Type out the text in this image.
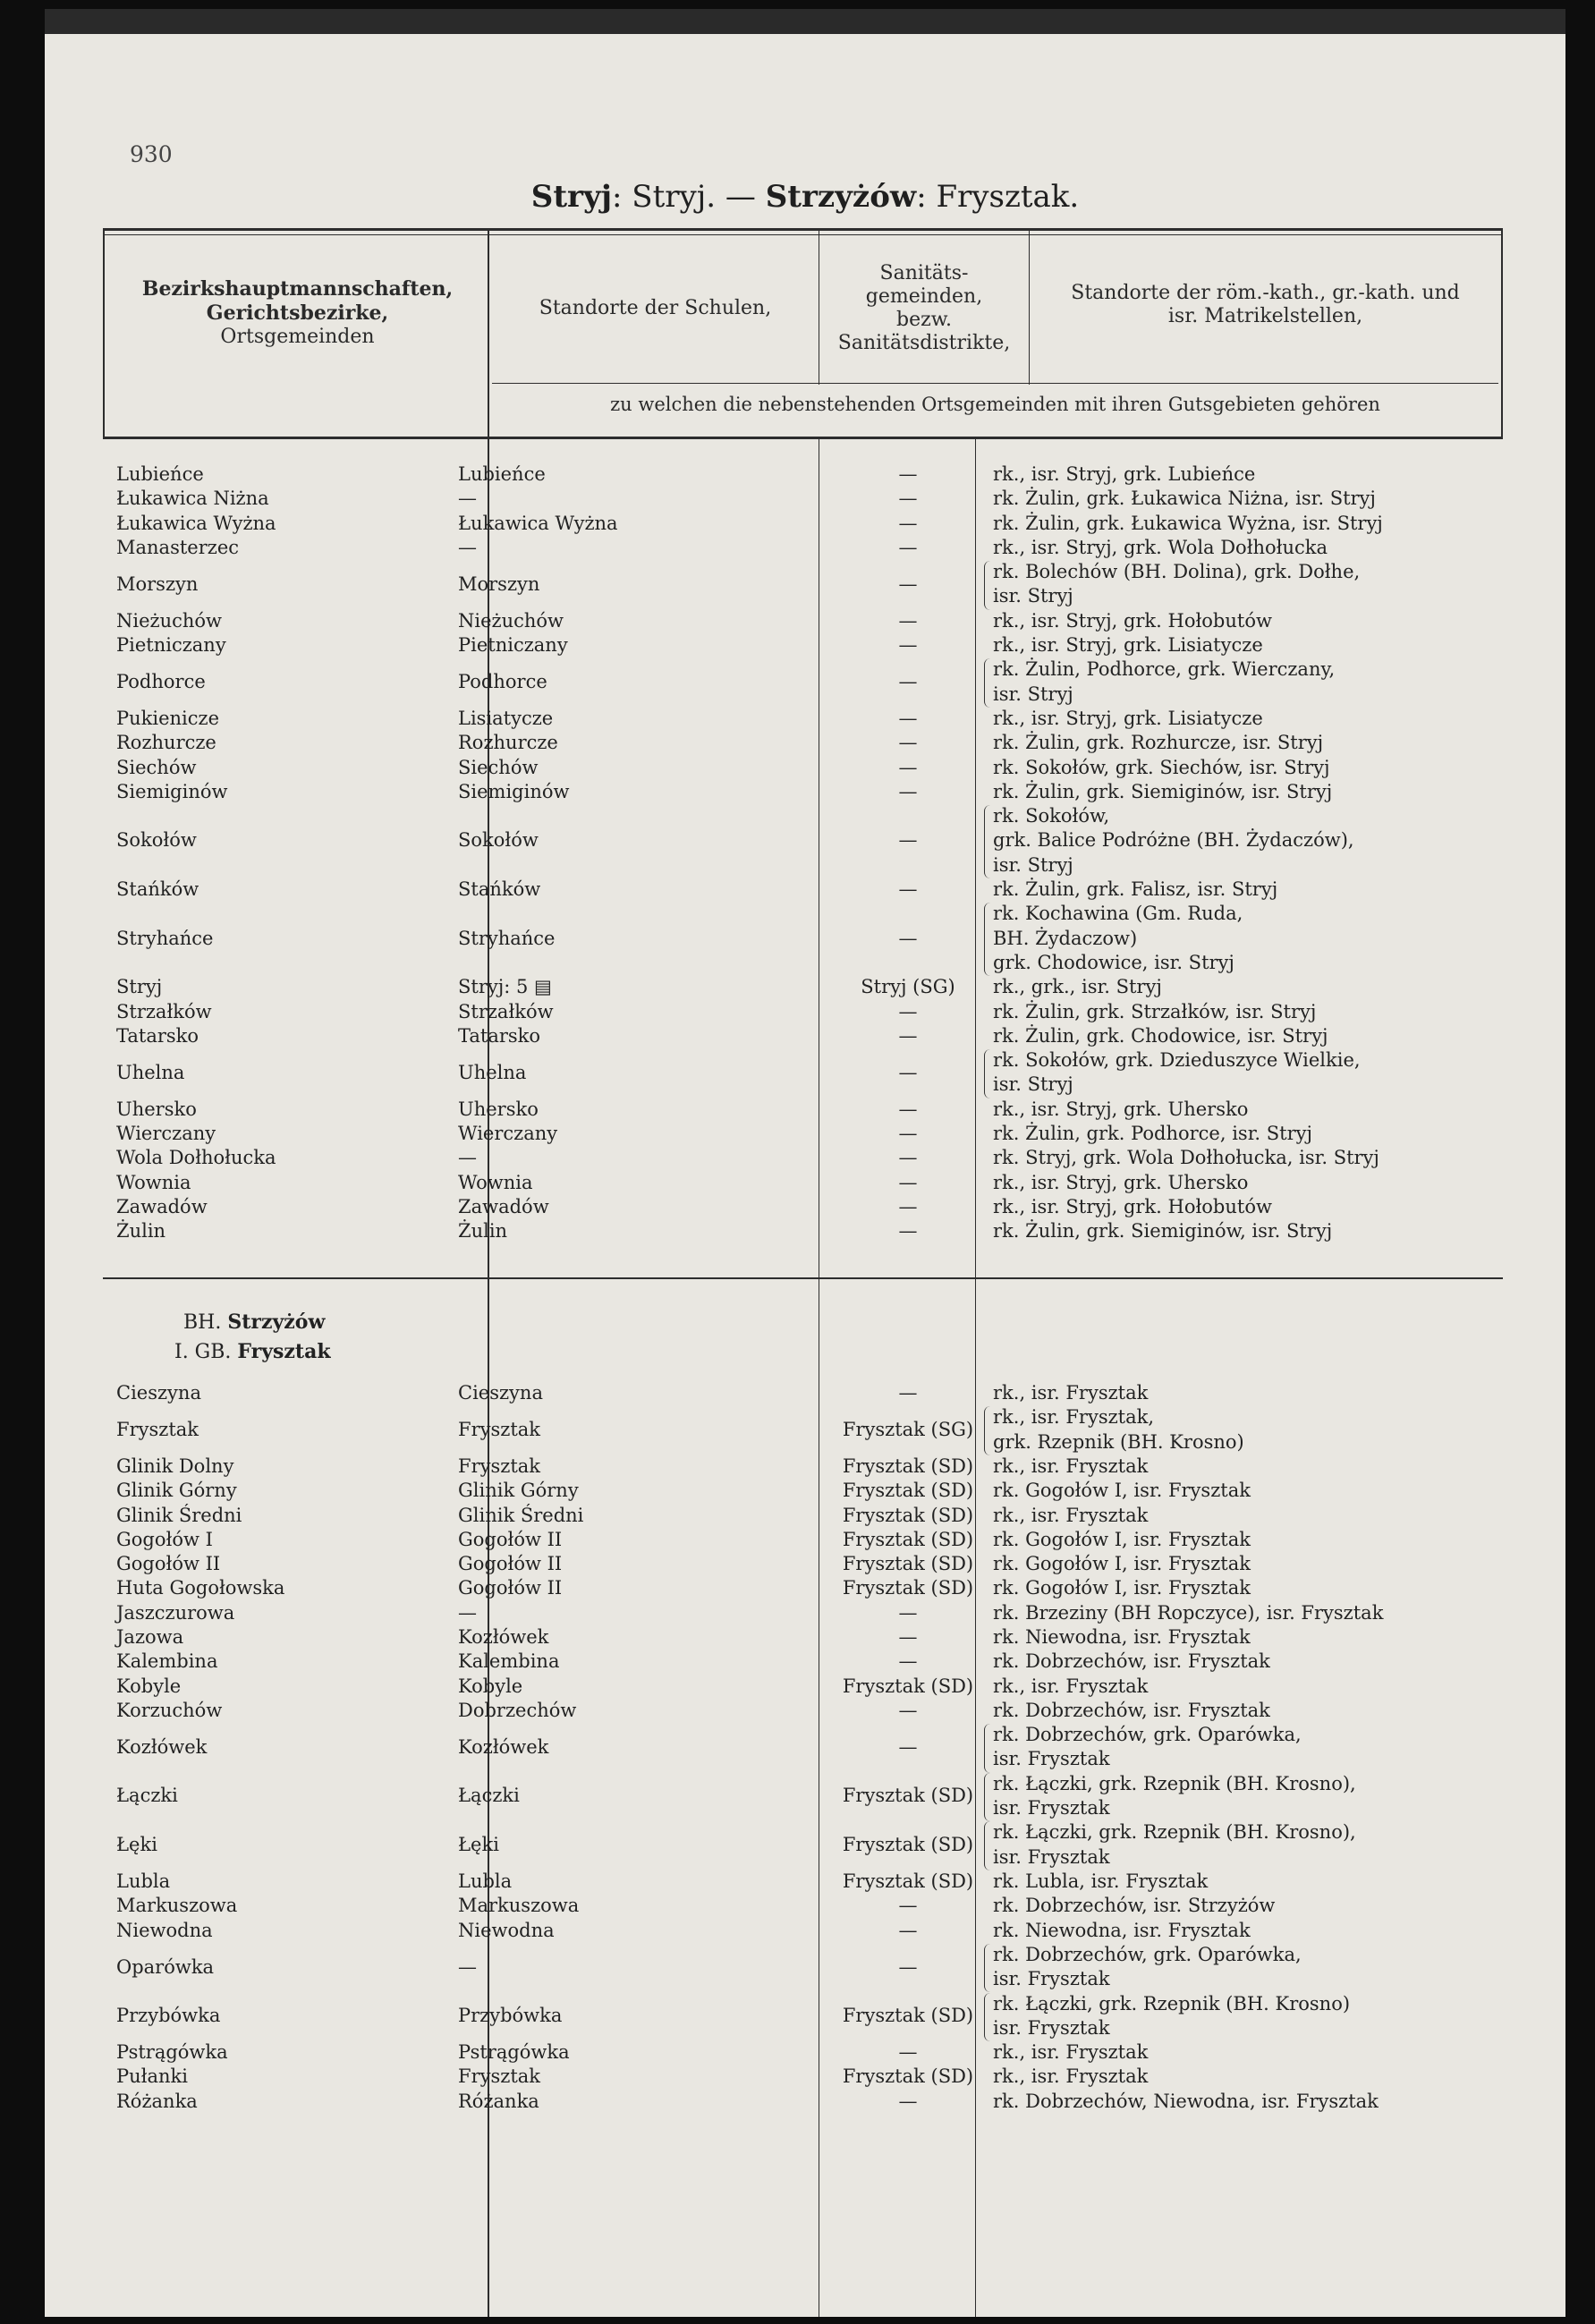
930
Stryj: Stryj. — Strzyżów: Frysztak.
Bezirkshauptmannschaften,
Gerichtsbezirke,
Ortsgemeinden
Standorte der Schulen,
Sanitäts-
gemeinden,
bezw.
Sanitätsdistrikte,
Standorte der röm.-kath., gr.-kath. und
isr. Matrikelstellen,
zu welchen die nebenstehenden Ortsgemeinden mit ihren Gutsgebieten gehören
Lubieńce	Lubieńce	—	rk., isr. Stryj, grk. Lubieńce
Łukawica Niżna	—	—	rk. Żulin, grk. Łukawica Niżna, isr. Stryj
Łukawica Wyżna	Łukawica Wyżna	—	rk. Żulin, grk. Łukawica Wyżna, isr. Stryj
Manasterzec	—	—	rk., isr. Stryj, grk. Wola Dołhołucka
Morszyn	Morszyn	—
rk. Bolechów (BH. Dolina), grk. Dołhe,
isr. Stryj
Nieżuchów	Nieżuchów	—	rk., isr. Stryj, grk. Hołobutów
Pietniczany	Pietniczany	—	rk., isr. Stryj, grk. Lisiatycze
Podhorce	Podhorce	—
rk. Żulin, Podhorce, grk. Wierczany,
isr. Stryj
Pukienicze	Lisiatycze	—	rk., isr. Stryj, grk. Lisiatycze
Rozhurcze	Rozhurcze	—	rk. Żulin, grk. Rozhurcze, isr. Stryj
Siechów	Siechów	—	rk. Sokołów, grk. Siechów, isr. Stryj
Siemiginów	Siemiginów	—	rk. Żulin, grk. Siemiginów, isr. Stryj
Sokołów	Sokołów	—
rk. Sokołów,
grk. Balice Podróżne (BH. Żydaczów),
isr. Stryj
Stańków	Stańków	—	rk. Żulin, grk. Falisz, isr. Stryj
Stryhańce	Stryhańce	—
rk. Kochawina (Gm. Ruda,
BH. Żydaczow)
grk. Chodowice, isr. Stryj
Stryj	Stryj: 5 ▤	Stryj (SG)	rk., grk., isr. Stryj
Strzałków	Strzałków	—	rk. Żulin, grk. Strzałków, isr. Stryj
Tatarsko	Tatarsko	—	rk. Żulin, grk. Chodowice, isr. Stryj
Uhelna	Uhelna	—
rk. Sokołów, grk. Dzieduszyce Wielkie,
isr. Stryj
Uhersko	Uhersko	—	rk., isr. Stryj, grk. Uhersko
Wierczany	Wierczany	—	rk. Żulin, grk. Podhorce, isr. Stryj
Wola Dołhołucka	—	—	rk. Stryj, grk. Wola Dołhołucka, isr. Stryj
Wownia	Wownia	—	rk., isr. Stryj, grk. Uhersko
Zawadów	Zawadów	—	rk., isr. Stryj, grk. Hołobutów
Żulin	Żulin	—	rk. Żulin, grk. Siemiginów, isr. Stryj
BH. Strzyżów
I. GB. Frysztak
Cieszyna	Cieszyna	—	rk., isr. Frysztak
Frysztak	Frysztak	Frysztak (SG)
rk., isr. Frysztak,
grk. Rzepnik (BH. Krosno)
Glinik Dolny	Frysztak	Frysztak (SD)	rk., isr. Frysztak
Glinik Górny	Glinik Górny	Frysztak (SD)	rk. Gogołów I, isr. Frysztak
Glinik Średni	Glinik Średni	Frysztak (SD)	rk., isr. Frysztak
Gogołów I	Gogołów II	Frysztak (SD)	rk. Gogołów I, isr. Frysztak
Gogołów II	Gogołów II	Frysztak (SD)	rk. Gogołów I, isr. Frysztak
Huta Gogołowska	Gogołów II	Frysztak (SD)	rk. Gogołów I, isr. Frysztak
Jaszczurowa	—	—	rk. Brzeziny (BH Ropczyce), isr. Frysztak
Jazowa	Kozłówek	—	rk. Niewodna, isr. Frysztak
Kalembina	Kalembina	—	rk. Dobrzechów, isr. Frysztak
Kobyle	Kobyle	Frysztak (SD)	rk., isr. Frysztak
Korzuchów	Dobrzechów	—	rk. Dobrzechów, isr. Frysztak
Kozłówek	Kozłówek	—
rk. Dobrzechów, grk. Oparówka,
isr. Frysztak
Łączki	Łączki	Frysztak (SD)
rk. Łączki, grk. Rzepnik (BH. Krosno),
isr. Frysztak
Łęki	Łęki	Frysztak (SD)
rk. Łączki, grk. Rzepnik (BH. Krosno),
isr. Frysztak
Lubla	Lubla	Frysztak (SD)	rk. Lubla, isr. Frysztak
Markuszowa	Markuszowa	—	rk. Dobrzechów, isr. Strzyżów
Niewodna	Niewodna	—	rk. Niewodna, isr. Frysztak
Oparówka	—	—
rk. Dobrzechów, grk. Oparówka,
isr. Frysztak
Przybówka	Przybówka	Frysztak (SD)
rk. Łączki, grk. Rzepnik (BH. Krosno)
isr. Frysztak
Pstrągówka	Pstrągówka	—	rk., isr. Frysztak
Pułanki	Frysztak	Frysztak (SD)	rk., isr. Frysztak
Różanka	Różanka	—	rk. Dobrzechów, Niewodna, isr. Frysztak
